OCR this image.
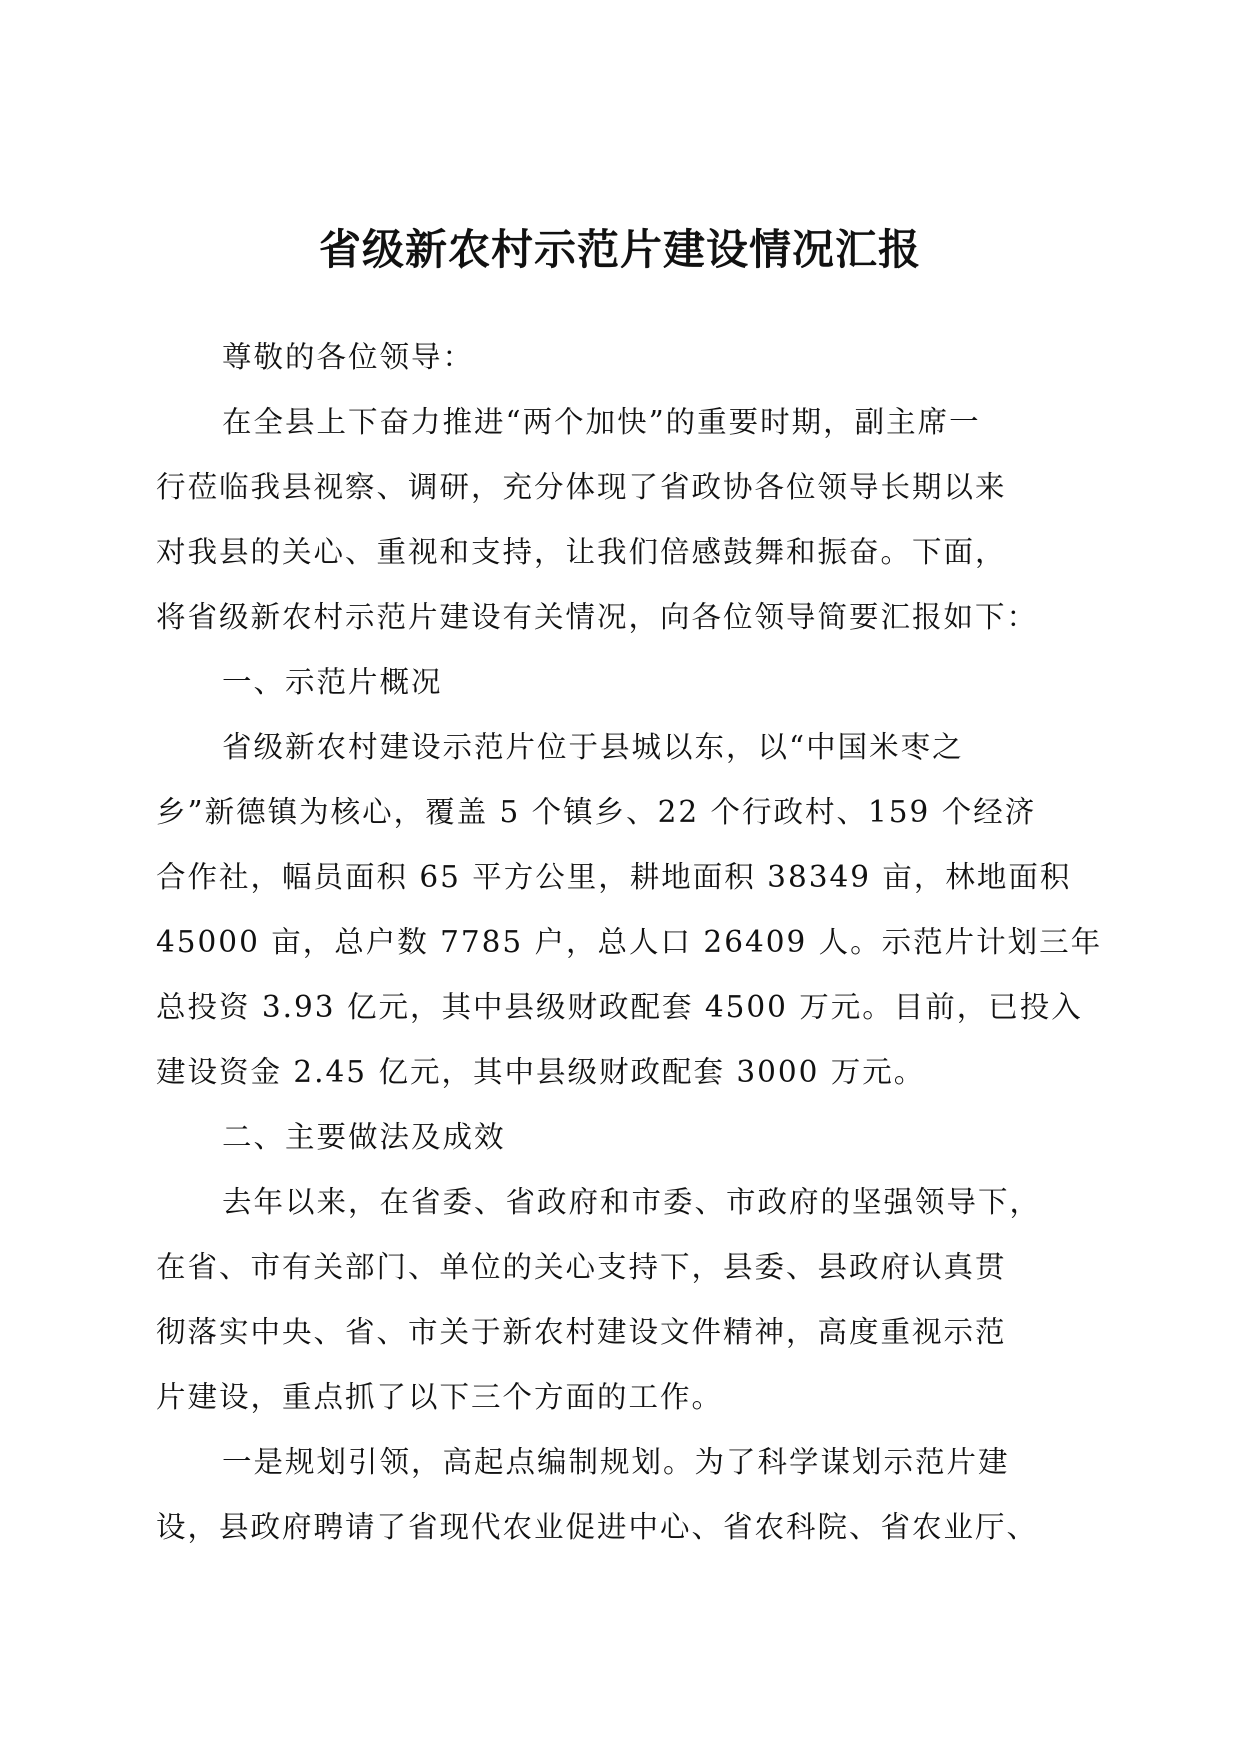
省级新农村示范片建设情况汇报
尊敬的各位领导：
在全县上下奋力推进“两个加快”的重要时期，副主席一
行莅临我县视察、调研，充分体现了省政协各位领导长期以来
对我县的关心、重视和支持，让我们倍感鼓舞和振奋。下面，
将省级新农村示范片建设有关情况，向各位领导简要汇报如下：
一、示范片概况
省级新农村建设示范片位于县城以东，以“中国米枣之
乡”新德镇为核心，覆盖 5 个镇乡、22 个行政村、159 个经济
合作社，幅员面积 65 平方公里，耕地面积 38349 亩，林地面积
45000 亩，总户数 7785 户，总人口 26409 人。示范片计划三年
总投资 3.93 亿元，其中县级财政配套 4500 万元。目前，已投入
建设资金 2.45 亿元，其中县级财政配套 3000 万元。
二、主要做法及成效
去年以来，在省委、省政府和市委、市政府的坚强领导下，
在省、市有关部门、单位的关心支持下，县委、县政府认真贯
彻落实中央、省、市关于新农村建设文件精神，高度重视示范
片建设，重点抓了以下三个方面的工作。
一是规划引领，高起点编制规划。为了科学谋划示范片建
设，县政府聘请了省现代农业促进中心、省农科院、省农业厅、
